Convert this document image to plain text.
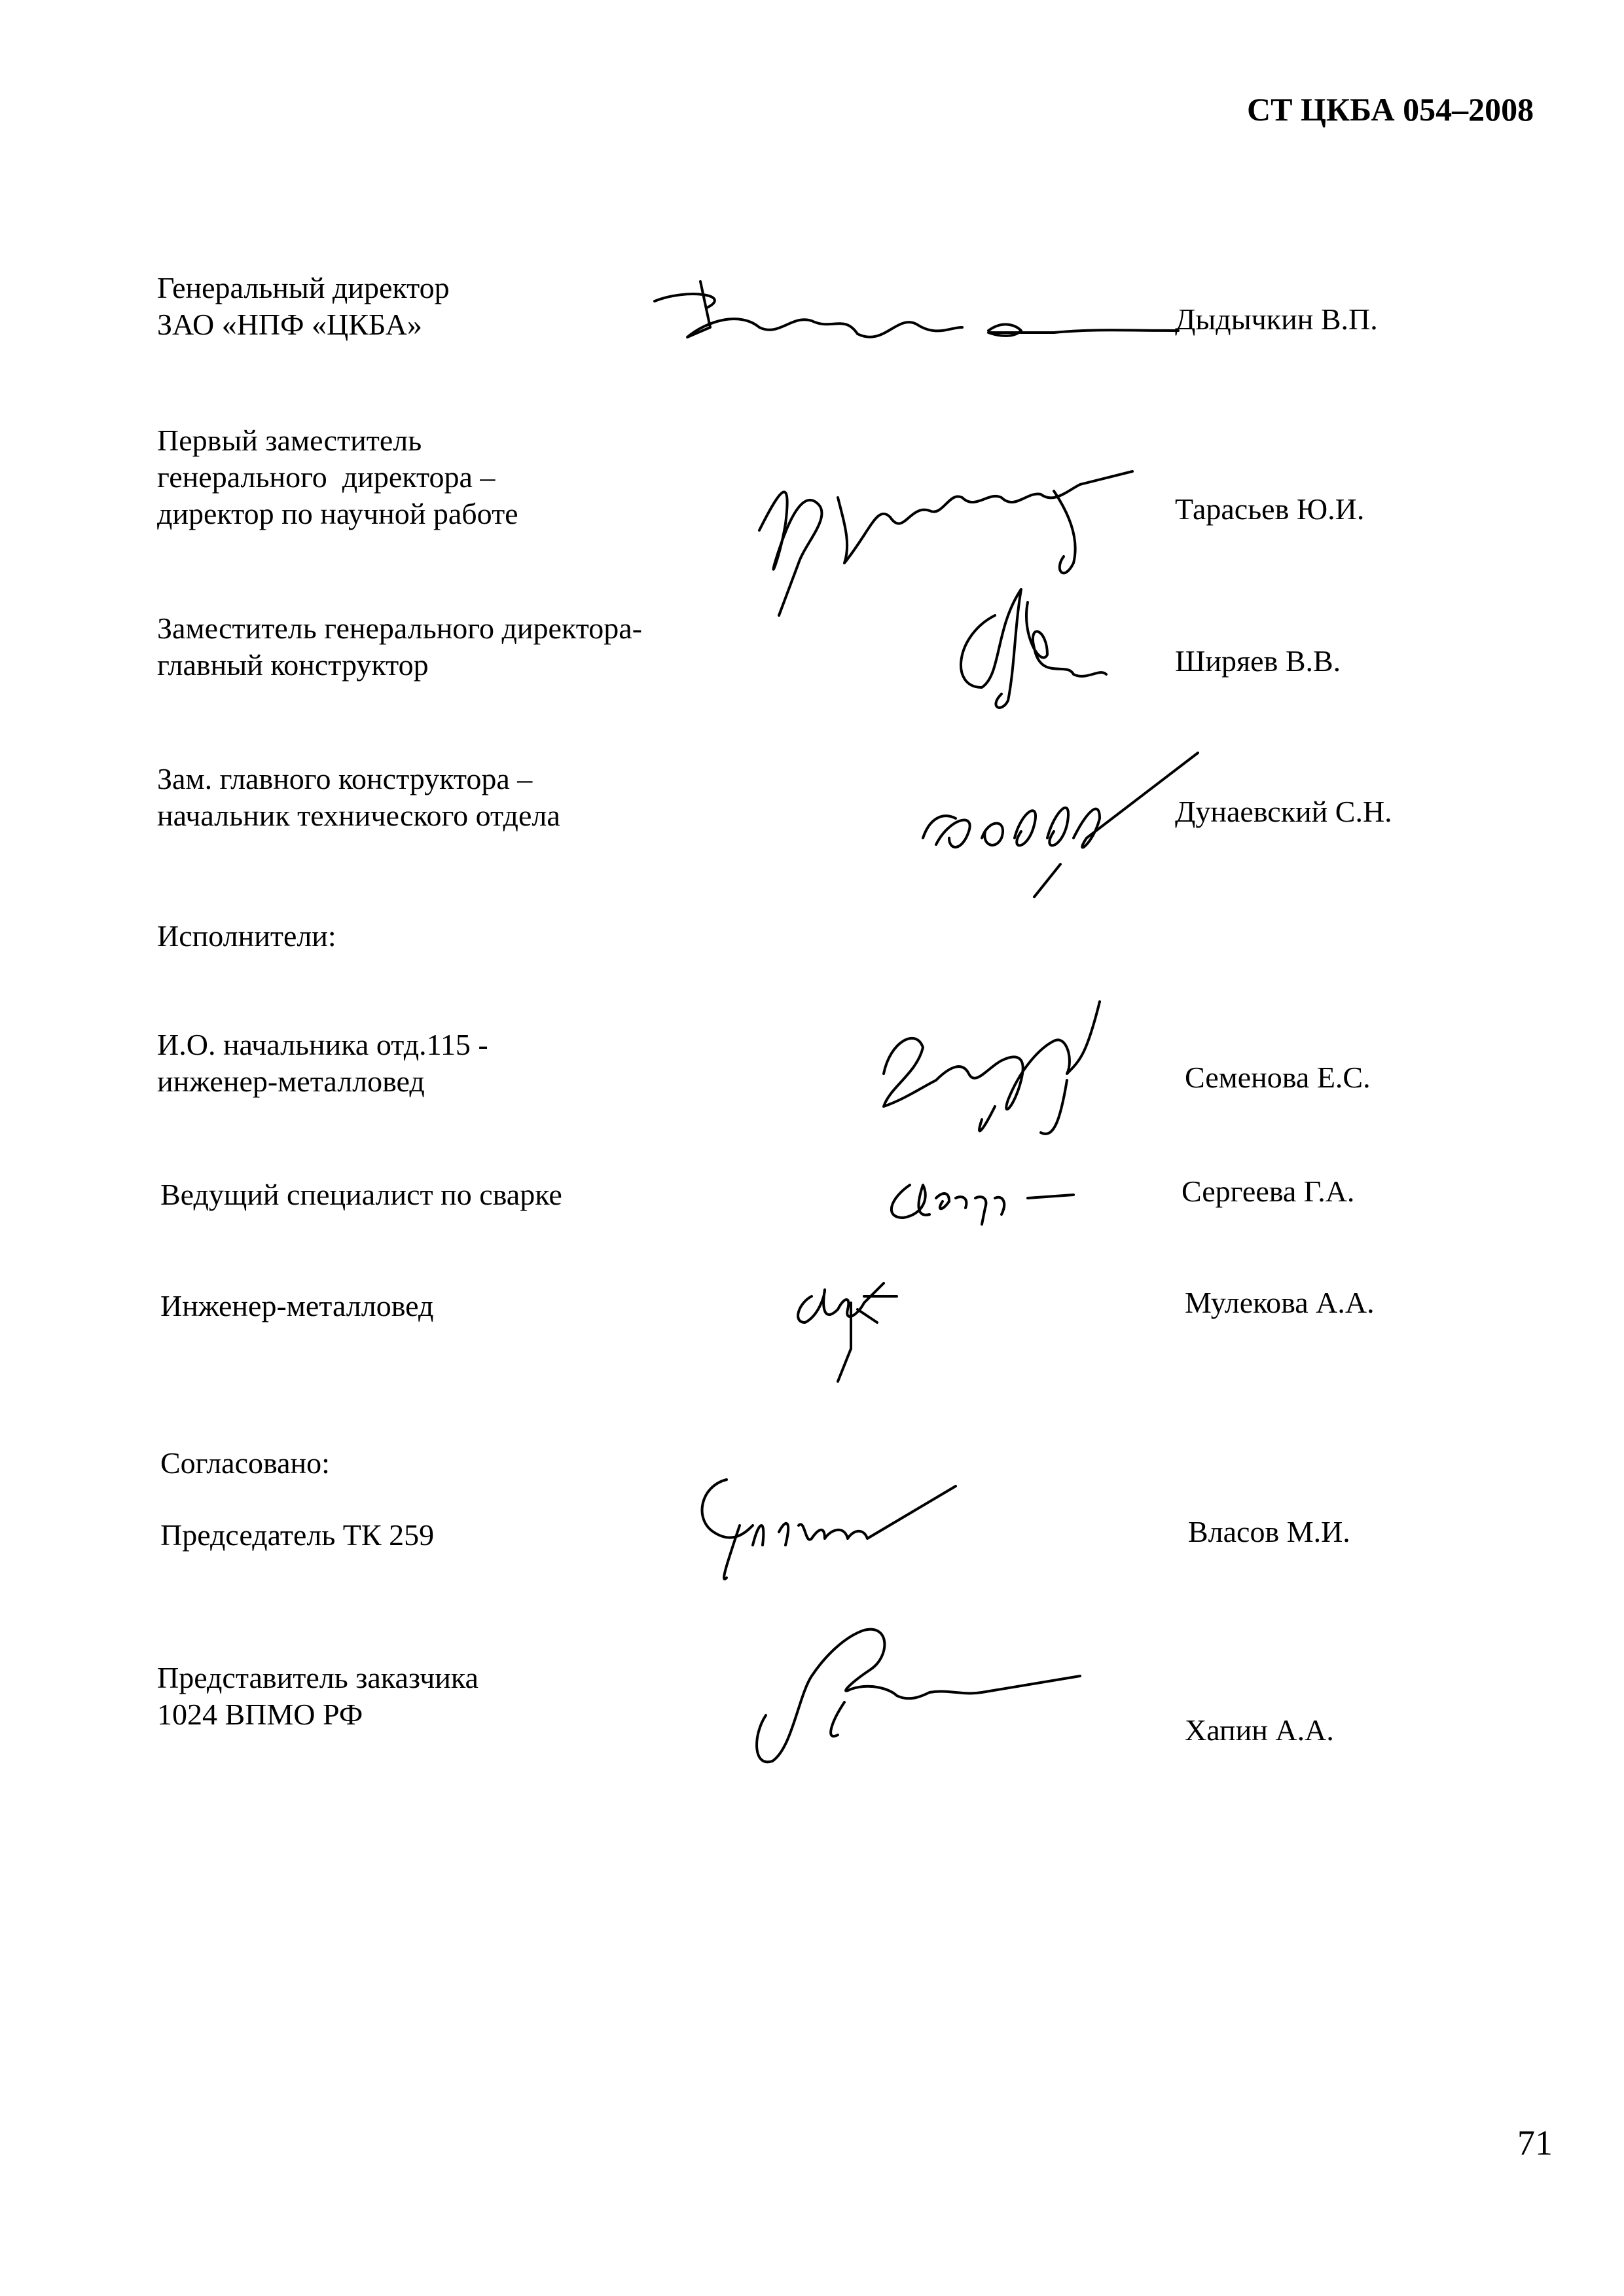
СТ ЦКБА 054–2008
Генеральный директор
ЗАО «НПФ «ЦКБА»	Дыдычкин В.П.
Первый заместитель
генерального  директора –
директор по научной работе	Тарасьев Ю.И.
Заместитель генерального директора-
главный конструктор	Ширяев В.В.
Зам. главного конструктора –
начальник технического отдела	Дунаевский С.Н.
Исполнители:
И.О. начальника отд.115 -
инженер-металловед	Семенова Е.С.
Ведущий специалист по сварке	Сергеева Г.А.
Инженер-металловед	Мулекова А.А.
Согласовано:
Председатель ТК 259	Власов М.И.
Представитель заказчика
1024 ВПМО РФ	Хапин А.А.
71
